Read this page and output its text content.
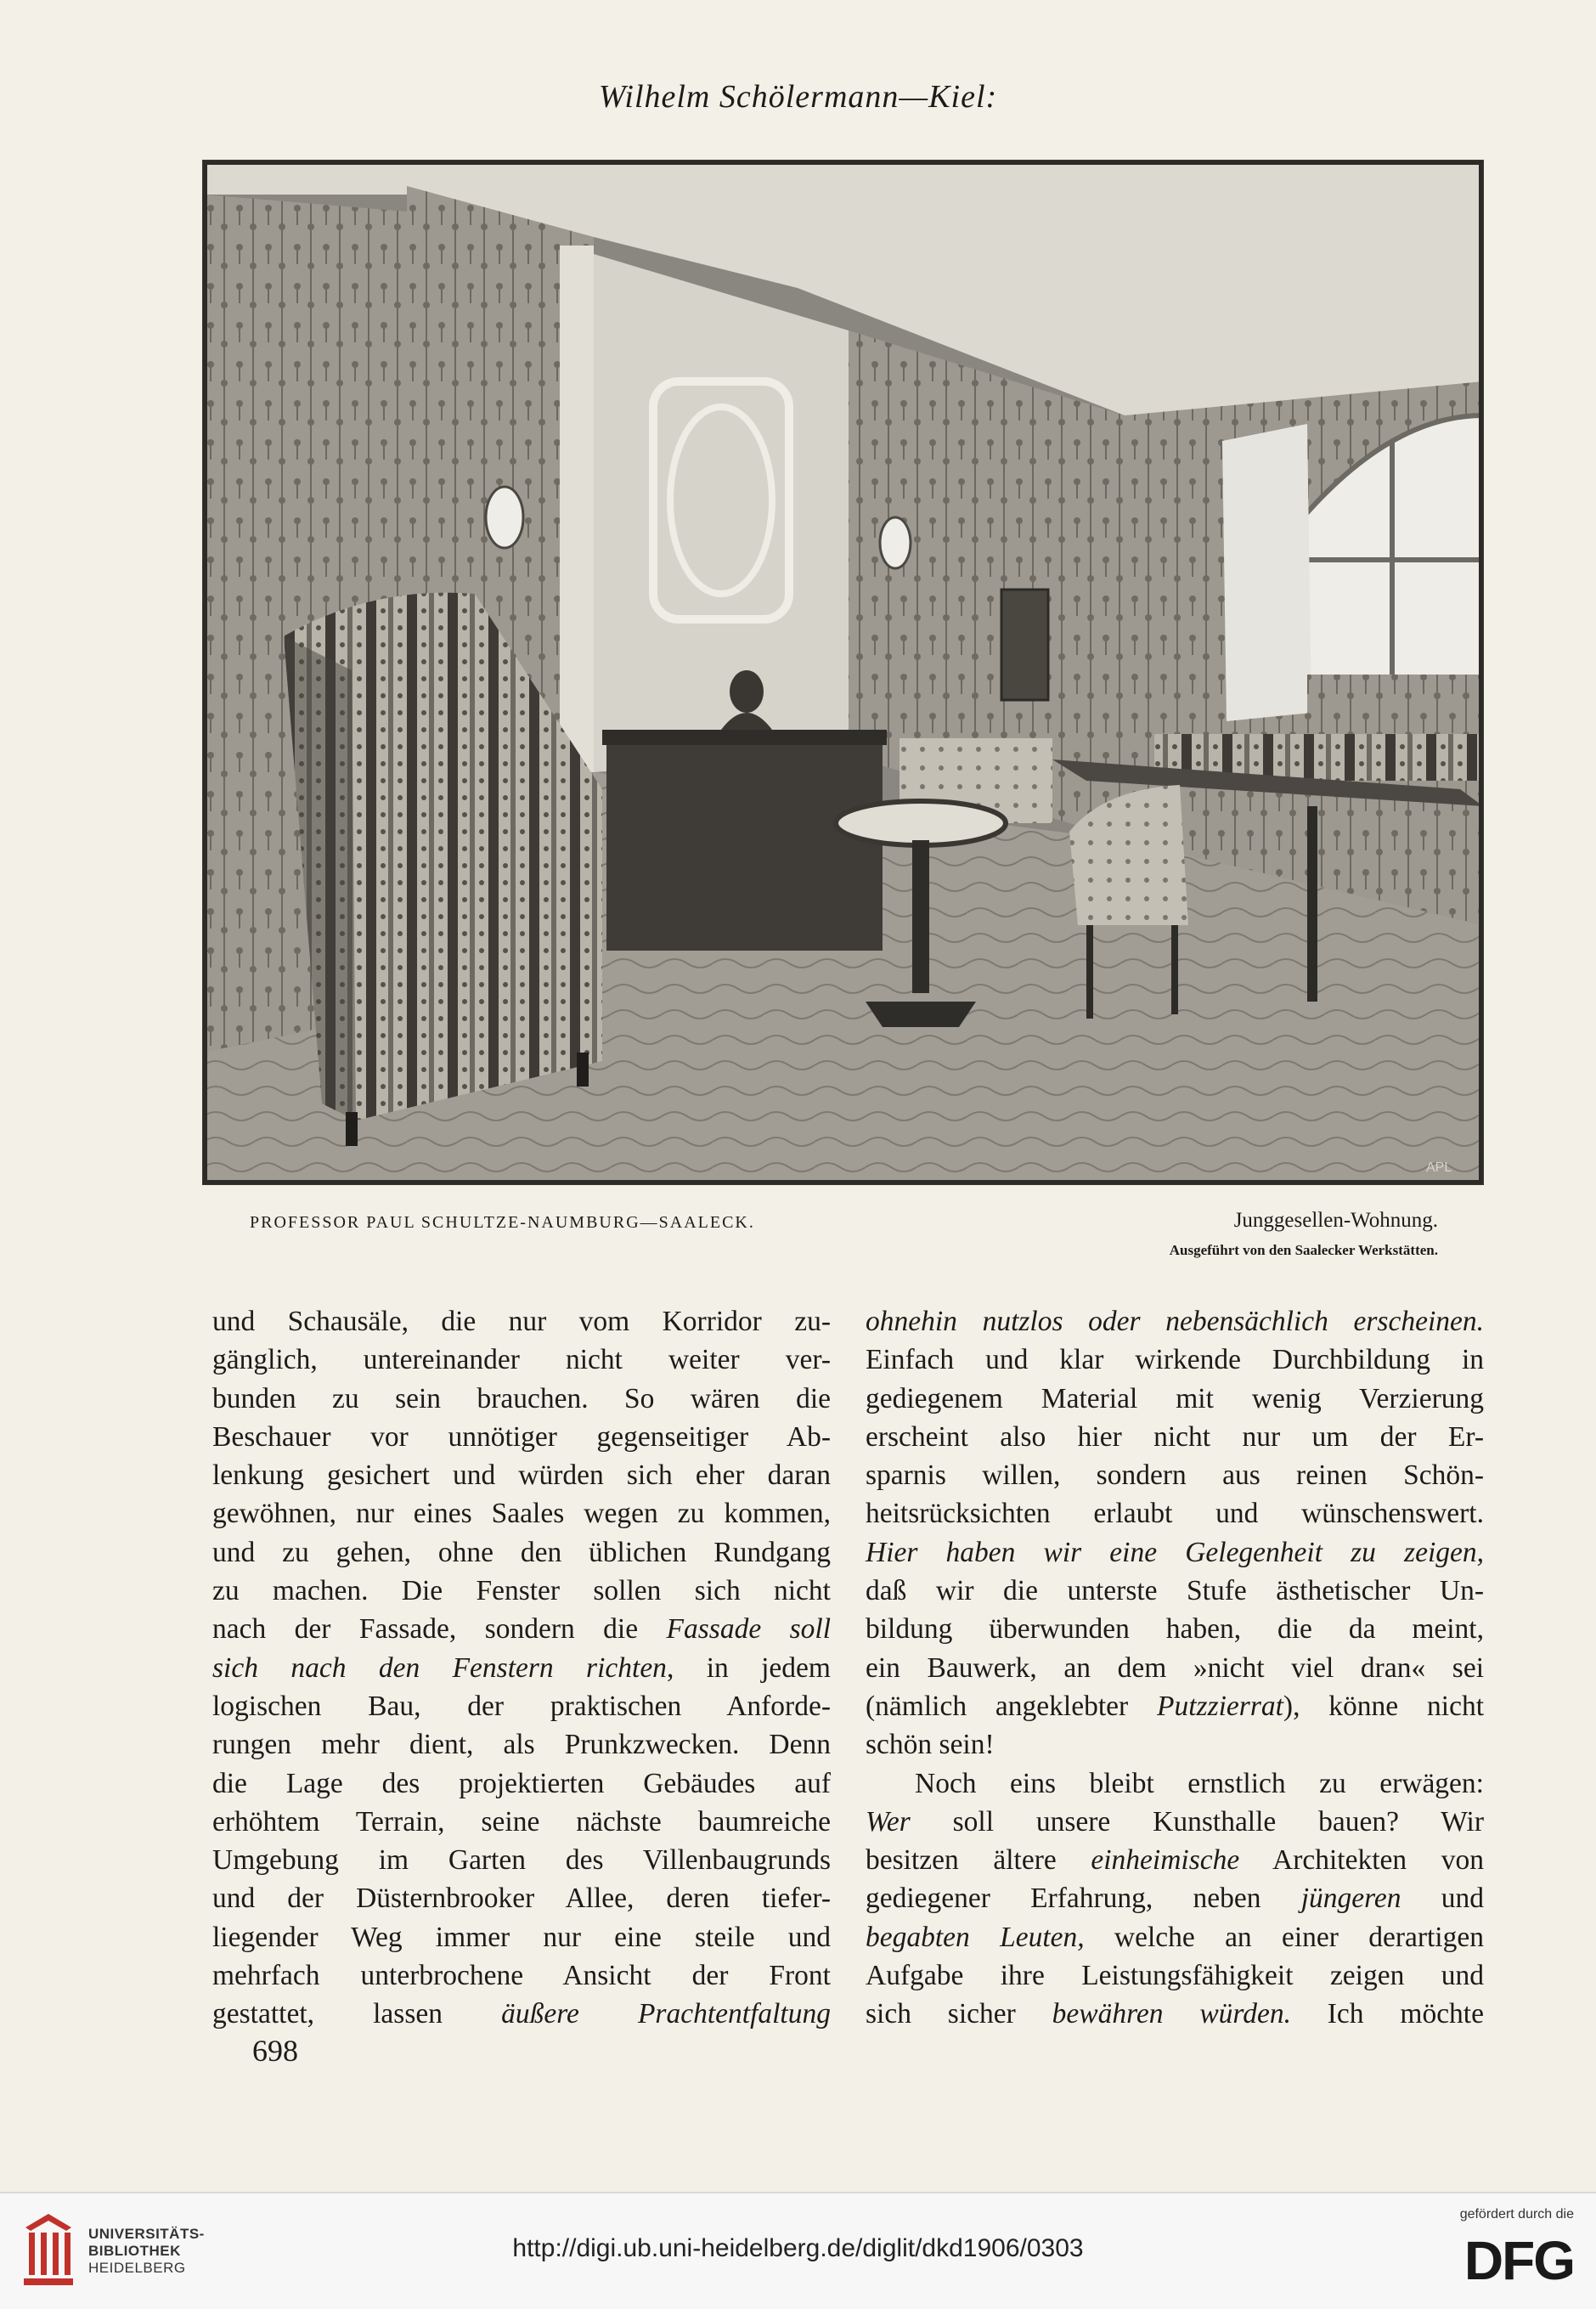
Wilhelm Schölermann—Kiel:
APL
PROFESSOR PAUL SCHULTZE-NAUMBURG—SAALECK.	Junggesellen-Wohnung.
Ausgeführt von den Saalecker Werkstätten.
und Schausäle, die nur vom Korridor zu-
gänglich, untereinander nicht weiter ver-
bunden zu sein brauchen. So wären die
Beschauer vor unnötiger gegenseitiger Ab-
lenkung gesichert und würden sich eher daran
gewöhnen, nur eines Saales wegen zu kommen,
und zu gehen, ohne den üblichen Rundgang
zu machen. Die Fenster sollen sich nicht
nach der Fassade, sondern die Fassade soll
sich nach den Fenstern richten, in jedem
logischen Bau, der praktischen Anforde-
rungen mehr dient, als Prunkzwecken. Denn
die Lage des projektierten Gebäudes auf
erhöhtem Terrain, seine nächste baumreiche
Umgebung im Garten des Villenbaugrunds
und der Düsternbrooker Allee, deren tiefer-
liegender Weg immer nur eine steile und
mehrfach unterbrochene Ansicht der Front
gestattet, lassen äußere Prachtentfaltung
ohnehin nutzlos oder nebensächlich erscheinen.
Einfach und klar wirkende Durchbildung in
gediegenem Material mit wenig Verzierung
erscheint also hier nicht nur um der Er-
sparnis willen, sondern aus reinen Schön-
heitsrücksichten erlaubt und wünschenswert.
Hier haben wir eine Gelegenheit zu zeigen,
daß wir die unterste Stufe ästhetischer Un-
bildung überwunden haben, die da meint,
ein Bauwerk, an dem »nicht viel dran« sei
(nämlich angeklebter Putzzierrat), könne nicht
schön sein!
Noch eins bleibt ernstlich zu erwägen:
Wer soll unsere Kunsthalle bauen? Wir
besitzen ältere einheimische Architekten von
gediegener Erfahrung, neben jüngeren und
begabten Leuten, welche an einer derartigen
Aufgabe ihre Leistungsfähigkeit zeigen und
sich sicher bewähren würden. Ich möchte
698
UNIVERSITÄTS-
BIBLIOTHEK
HEIDELBERG
http://digi.ub.uni-heidelberg.de/diglit/dkd1906/0303
gefördert durch die
DFG
